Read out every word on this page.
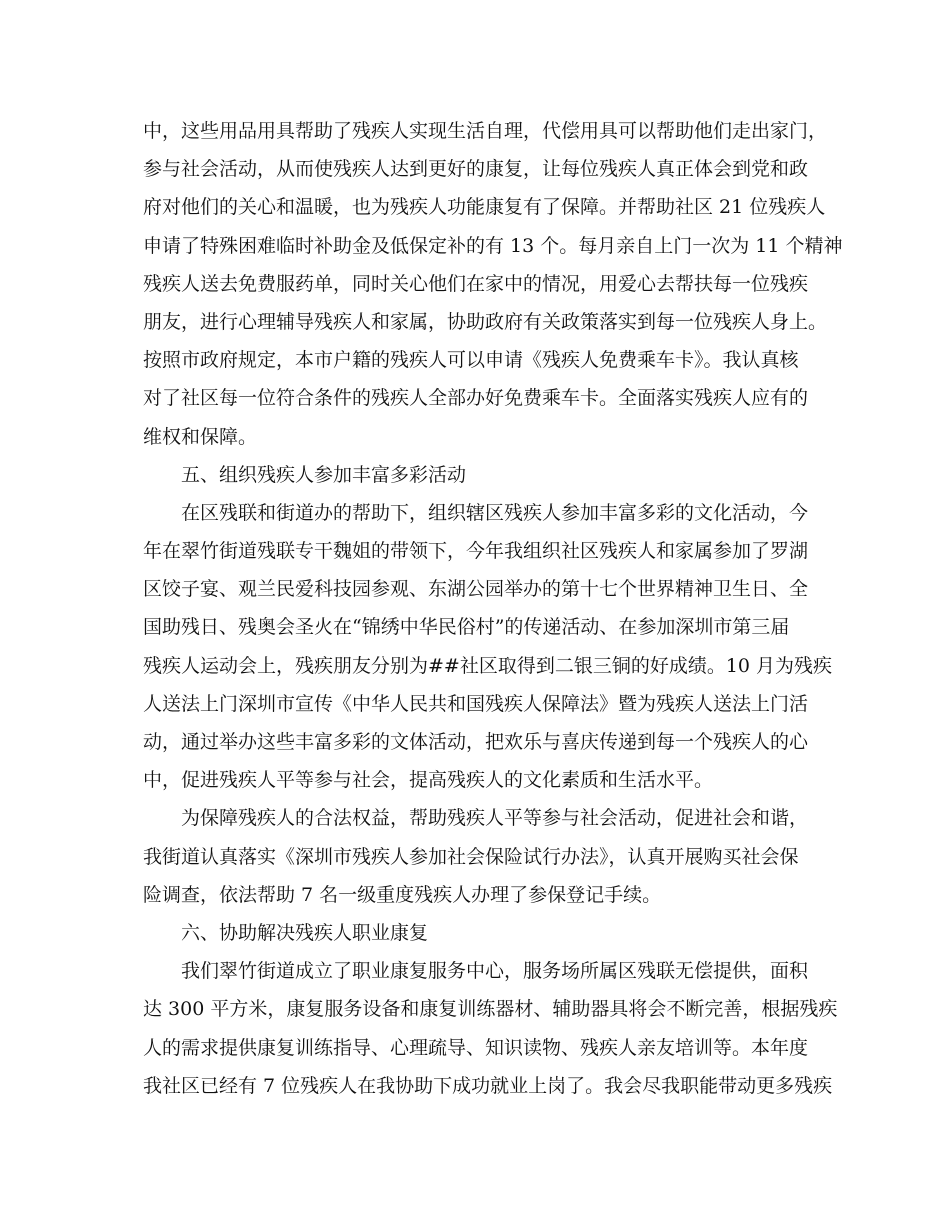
中，这些用品用具帮助了残疾人实现生活自理，代偿用具可以帮助他们走出家门，
参与社会活动，从而使残疾人达到更好的康复，让每位残疾人真正体会到党和政
府对他们的关心和温暖，也为残疾人功能康复有了保障。并帮助社区 21 位残疾人
申请了特殊困难临时补助金及低保定补的有 13 个。每月亲自上门一次为 11 个精神
残疾人送去免费服药单，同时关心他们在家中的情况，用爱心去帮扶每一位残疾
朋友，进行心理辅导残疾人和家属，协助政府有关政策落实到每一位残疾人身上。
按照市政府规定，本市户籍的残疾人可以申请《残疾人免费乘车卡》。我认真核
对了社区每一位符合条件的残疾人全部办好免费乘车卡。全面落实残疾人应有的
维权和保障。
五、组织残疾人参加丰富多彩活动
在区残联和街道办的帮助下，组织辖区残疾人参加丰富多彩的文化活动，今
年在翠竹街道残联专干魏姐的带领下，今年我组织社区残疾人和家属参加了罗湖
区饺子宴、观兰民爱科技园参观、东湖公园举办的第十七个世界精神卫生日、全
国助残日、残奥会圣火在“锦绣中华民俗村”的传递活动、在参加深圳市第三届
残疾人运动会上，残疾朋友分别为##社区取得到二银三铜的好成绩。10 月为残疾
人送法上门深圳市宣传《中华人民共和国残疾人保障法》暨为残疾人送法上门活
动，通过举办这些丰富多彩的文体活动，把欢乐与喜庆传递到每一个残疾人的心
中，促进残疾人平等参与社会，提高残疾人的文化素质和生活水平。
为保障残疾人的合法权益，帮助残疾人平等参与社会活动，促进社会和谐，
我街道认真落实《深圳市残疾人参加社会保险试行办法》，认真开展购买社会保
险调查，依法帮助 7 名一级重度残疾人办理了参保登记手续。
六、协助解决残疾人职业康复
我们翠竹街道成立了职业康复服务中心，服务场所属区残联无偿提供，面积
达 300 平方米，康复服务设备和康复训练器材、辅助器具将会不断完善，根据残疾
人的需求提供康复训练指导、心理疏导、知识读物、残疾人亲友培训等。本年度
我社区已经有 7 位残疾人在我协助下成功就业上岗了。我会尽我职能带动更多残疾
